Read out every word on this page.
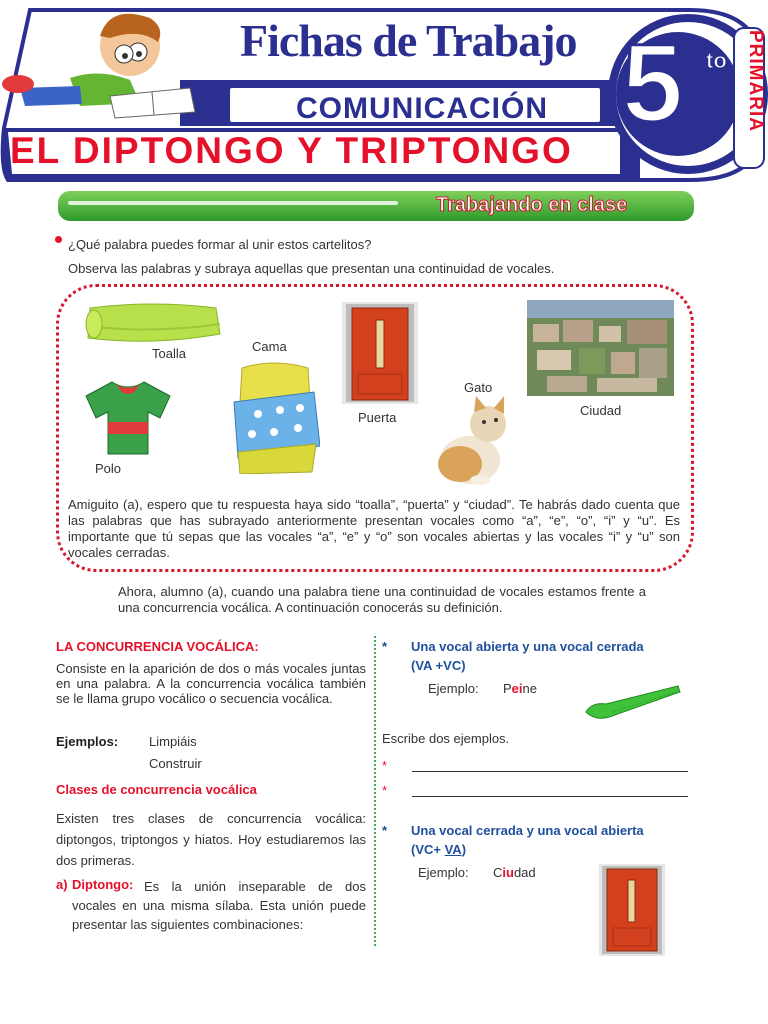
Fichas de Trabajo
COMUNICACIÓN
EL DIPTONGO Y TRIPTONGO
5 to PRIMARIA
Trabajando en clase
¿Qué palabra puedes formar al unir estos cartelitos?
Observa las palabras y subraya aquellas que presentan una continuidad de vocales.
Toalla	Cama
Puerta
Gato
Ciudad
Polo
Amiguito (a), espero que tu respuesta haya sido “toalla”, “puerta” y “ciudad”. Te habrás dado cuenta que las palabras que has subrayado anteriormente presentan vocales como “a”, “e”, “o”, “i” y “u”. Es importante que tú sepas que las vocales “a”, “e” y “o” son vocales abiertas y las vocales “i” y “u” son vocales cerradas.
Ahora, alumno (a), cuando una palabra tiene una continuidad de vocales estamos frente a una concurrencia vocálica. A continuación conocerás su definición.
LA CONCURRENCIA VOCÁLICA:
Consiste en la aparición de dos o más vocales juntas en una palabra. A la concurrencia vocálica también se le llama grupo vocálico o secuencia vocálica.
Ejemplos: Limpiáis
Construir
Clases de concurrencia vocálica
Existen tres clases de concurrencia vocálica: diptongos, triptongos y hiatos. Hoy estudiaremos las dos primeras.
a) Diptongo: Es la unión inseparable de dos vocales en una misma sílaba. Esta unión puede presentar las siguientes combinaciones:
* Una vocal abierta y una vocal cerrada
(VA +VC)
Ejemplo: Peine
Escribe dos ejemplos.
*
*
* Una vocal cerrada y una vocal abierta
(VC+ VA)
Ejemplo: Ciudad
